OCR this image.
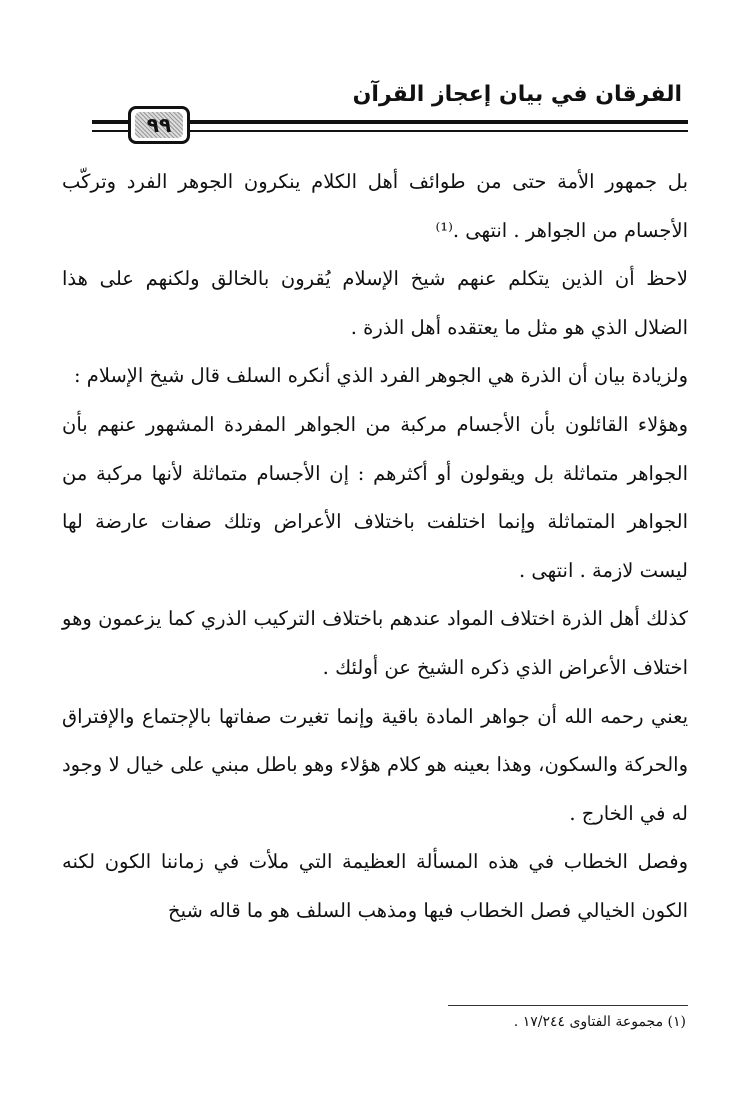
الفرقان في بيان إعجاز القرآن
٩٩

بل جمهور الأمة حتى من طوائف أهل الكلام ينكرون الجوهر الفرد وتركّب الأجسام من الجواهر . انتهى .⁽¹⁾

لاحظ أن الذين يتكلم عنهم شيخ الإسلام يُقرون بالخالق ولكنهم على هذا الضلال الذي هو مثل ما يعتقده أهل الذرة .

ولزيادة بيان أن الذرة هي الجوهر الفرد الذي أنكره السلف قال شيخ الإسلام :

وهؤلاء القائلون بأن الأجسام مركبة من الجواهر المفردة المشهور عنهم بأن الجواهر متماثلة بل ويقولون أو أكثرهم : إن الأجسام متماثلة لأنها مركبة من الجواهر المتماثلة وإنما اختلفت باختلاف الأعراض وتلك صفات عارضة لها ليست لازمة . انتهى .

كذلك أهل الذرة اختلاف المواد عندهم باختلاف التركيب الذري كما يزعمون وهو اختلاف الأعراض الذي ذكره الشيخ عن أولئك .

يعني رحمه الله أن جواهر المادة باقية وإنما تغيرت صفاتها بالإجتماع والإفتراق والحركة والسكون، وهذا بعينه هو كلام هؤلاء وهو باطل مبني على خيال لا وجود له في الخارج .

وفصل الخطاب في هذه المسألة العظيمة التي ملأت في زماننا الكون لكنه الكون الخيالي فصل الخطاب فيها ومذهب السلف هو ما قاله شيخ

(١) مجموعة الفتاوى ١٧/٢٤٤ .
